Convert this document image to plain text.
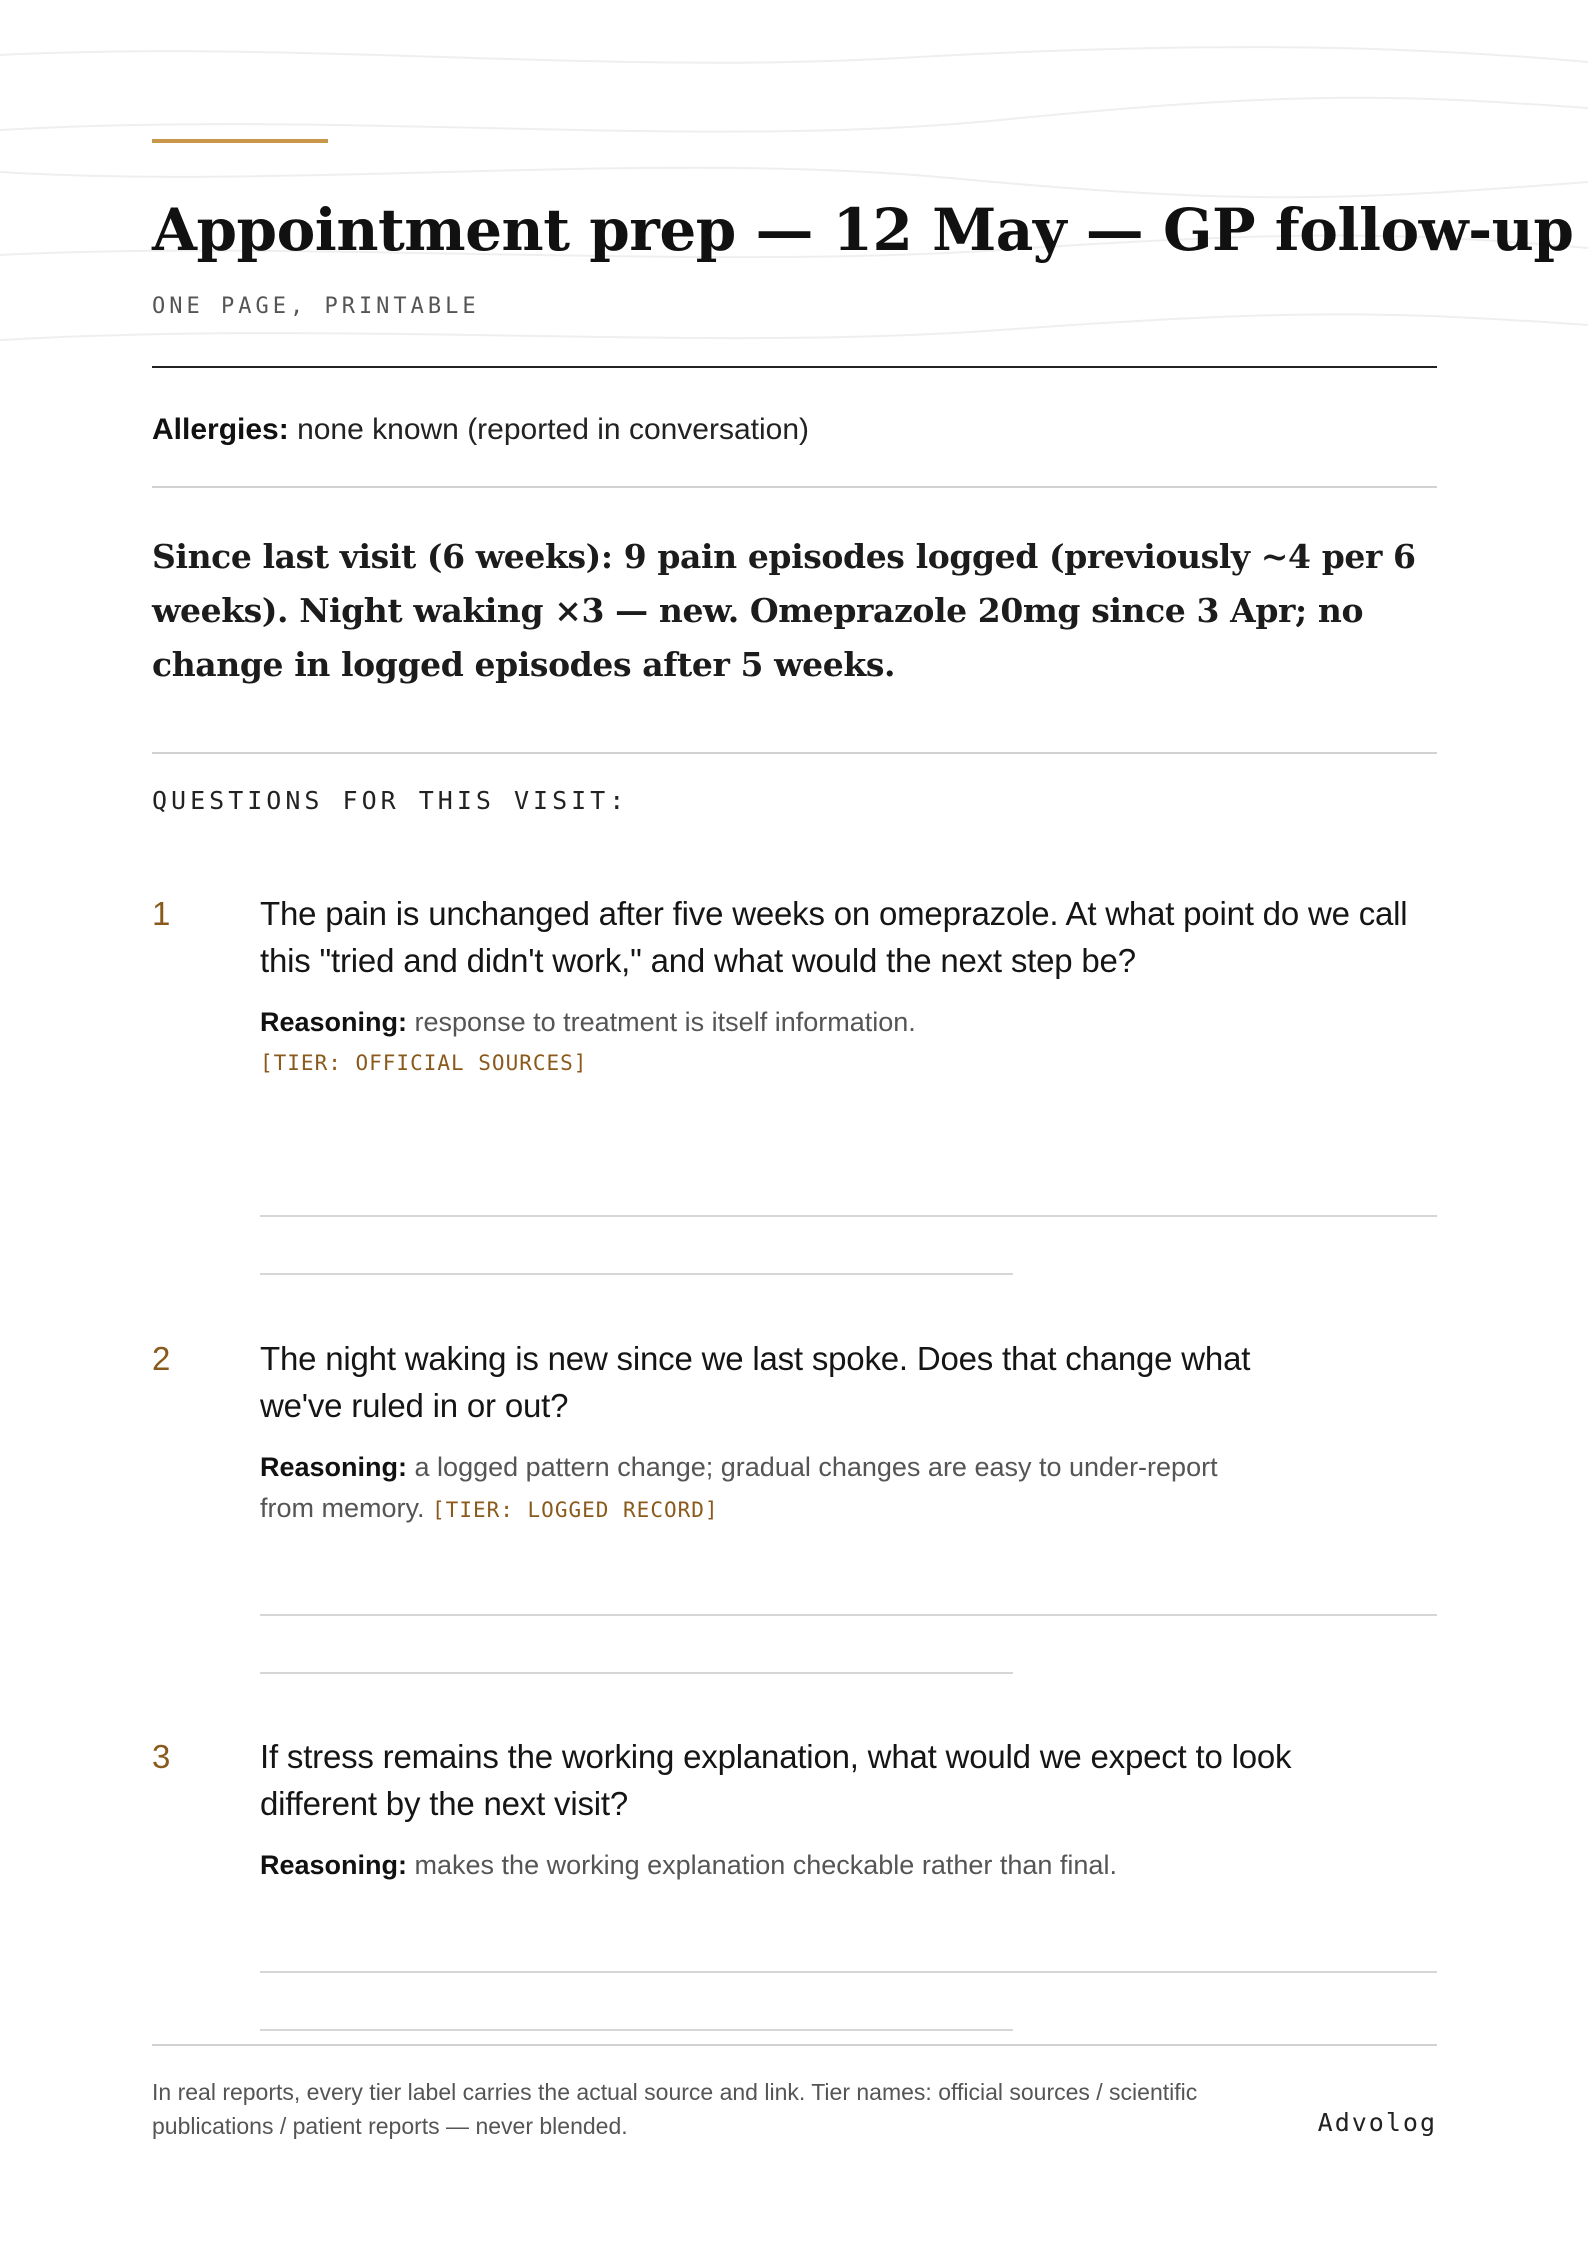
Appointment prep — 12 May — GP follow-up
ONE PAGE, PRINTABLE
Allergies: none known (reported in conversation)

Since last visit (6 weeks): 9 pain episodes logged (previously ~4 per 6 weeks). Night waking ×3 — new. Omeprazole 20mg since 3 Apr; no change in logged episodes after 5 weeks.

QUESTIONS FOR THIS VISIT:
1	The pain is unchanged after five weeks on omeprazole. At what point do we call this "tried and didn't work," and what would the next step be?

Reasoning: response to treatment is itself information.
[TIER: OFFICIAL SOURCES]

2	The night waking is new since we last spoke. Does that change what we've ruled in or out?

Reasoning: a logged pattern change; gradual changes are easy to under-report from memory. [TIER: LOGGED RECORD]

3	If stress remains the working explanation, what would we expect to look different by the next visit?

Reasoning: makes the working explanation checkable rather than final.

In real reports, every tier label carries the actual source and link. Tier names: official sources / scientific publications / patient reports — never blended.	Advolog
